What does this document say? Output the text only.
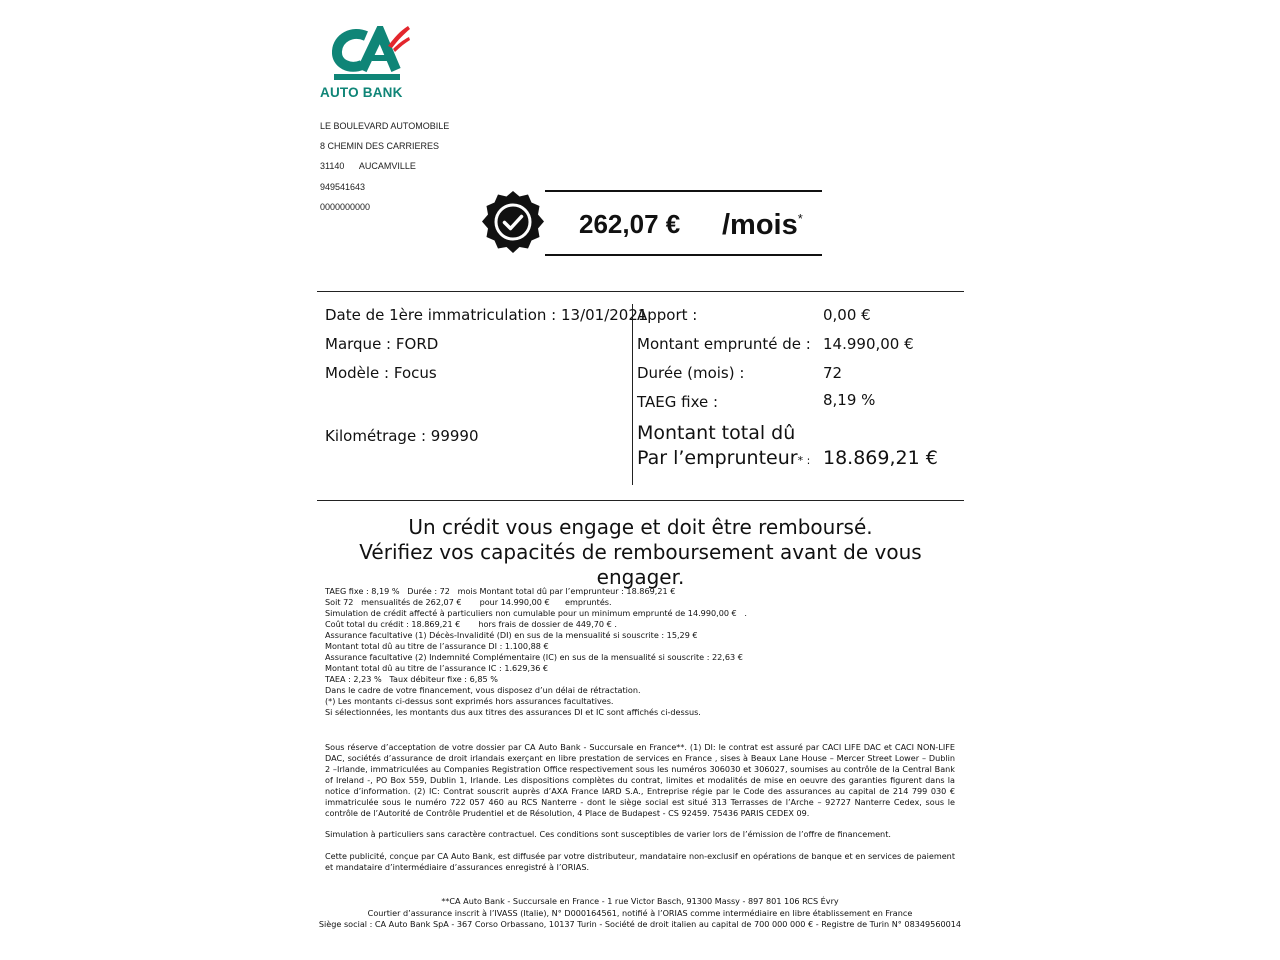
AUTO BANK
LE BOULEVARD AUTOMOBILE
8 CHEMIN DES CARRIERES
31140 AUCAMVILLE
949541643
0000000000
262,07 € /mois*
Date de 1ère immatriculation : 13/01/2021
Marque : FORD
Modèle : Focus
Kilométrage : 99990
Apport :	0,00 €
Montant emprunté de : 14.990,00 €
Durée (mois) :	72
TAEG fixe :	8,19 %
Montant total dû
Par l’emprunteur* : 18.869,21 €
Un crédit vous engage et doit être remboursé.
Vérifiez vos capacités de remboursement avant de vous engager.
TAEG fixe : 8,19 %   Durée : 72   mois Montant total dû par l’emprunteur : 18.869,21 €
Soit 72   mensualités de 262,07 €       pour 14.990,00 €      empruntés.
Simulation de crédit affecté à particuliers non cumulable pour un minimum emprunté de 14.990,00 €   .
Coût total du crédit : 18.869,21 €       hors frais de dossier de 449,70 € .
Assurance facultative (1) Décès-Invalidité (DI) en sus de la mensualité si souscrite : 15,29 €
Montant total dû au titre de l’assurance DI : 1.100,88 €
Assurance facultative (2) Indemnité Complémentaire (IC) en sus de la mensualité si souscrite : 22,63 €
Montant total dû au titre de l’assurance IC : 1.629,36 €
TAEA : 2,23 %   Taux débiteur fixe : 6,85 %
Dans le cadre de votre financement, vous disposez d’un délai de rétractation.
(*) Les montants ci-dessus sont exprimés hors assurances facultatives.
Si sélectionnées, les montants dus aux titres des assurances DI et IC sont affichés ci-dessus.
Sous réserve d’acceptation de votre dossier par CA Auto Bank - Succursale en France**. (1) DI: le contrat est assuré par CACI LIFE DAC et CACI NON-LIFE DAC, sociétés d’assurance de droit irlandais exerçant en libre prestation de services en France , sises à Beaux Lane House – Mercer Street Lower – Dublin 2 –Irlande, immatriculées au Companies Registration Office respectivement sous les numéros 306030 et 306027, soumises au contrôle de la Central Bank of Ireland -, PO Box 559, Dublin 1, Irlande. Les dispositions complètes du contrat, limites et modalités de mise en oeuvre des garanties figurent dans la notice d’information. (2) IC: Contrat souscrit auprès d’AXA France IARD S.A., Entreprise régie par le Code des assurances au capital de 214 799 030 € immatriculée sous le numéro 722 057 460 au RCS Nanterre - dont le siège social est situé 313 Terrasses de l’Arche – 92727 Nanterre Cedex, sous le contrôle de l’Autorité de Contrôle Prudentiel et de Résolution, 4 Place de Budapest - CS 92459. 75436 PARIS CEDEX 09.
Simulation à particuliers sans caractère contractuel. Ces conditions sont susceptibles de varier lors de l’émission de l’offre de financement.
Cette publicité, conçue par CA Auto Bank, est diffusée par votre distributeur, mandataire non-exclusif en opérations de banque et en services de paiement et mandataire d’intermédiaire d’assurances enregistré à l’ORIAS.
**CA Auto Bank - Succursale en France - 1 rue Victor Basch, 91300 Massy - 897 801 106 RCS Évry
Courtier d’assurance inscrit à l’IVASS (Italie), N° D000164561, notifié à l’ORIAS comme intermédiaire en libre établissement en France
Siège social : CA Auto Bank SpA - 367 Corso Orbassano, 10137 Turin - Société de droit italien au capital de 700 000 000 € - Registre de Turin N° 08349560014
